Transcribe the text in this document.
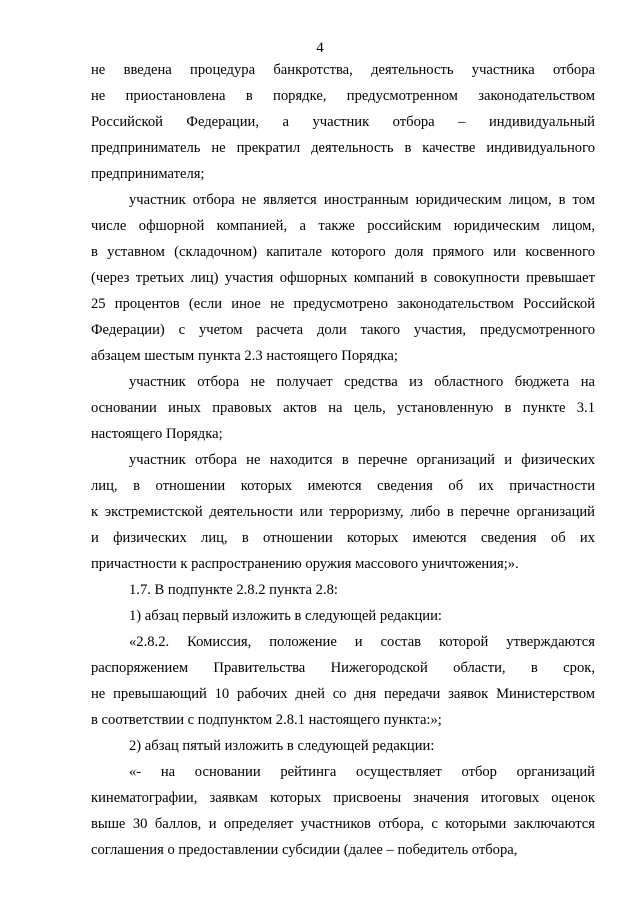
4
не введена процедура банкротства, деятельность участника отбора
не приостановлена в порядке, предусмотренном законодательством
Российской Федерации, а участник отбора – индивидуальный
предприниматель не прекратил деятельность в качестве индивидуального
предпринимателя;
участник отбора не является иностранным юридическим лицом, в том
числе офшорной компанией, а также российским юридическим лицом,
в уставном (складочном) капитале которого доля прямого или косвенного
(через третьих лиц) участия офшорных компаний в совокупности превышает
25 процентов (если иное не предусмотрено законодательством Российской
Федерации) с учетом расчета доли такого участия, предусмотренного
абзацем шестым пункта 2.3 настоящего Порядка;
участник отбора не получает средства из областного бюджета на
основании иных правовых актов на цель, установленную в пункте 3.1
настоящего Порядка;
участник отбора не находится в перечне организаций и физических
лиц, в отношении которых имеются сведения об их причастности
к экстремистской деятельности или терроризму, либо в перечне организаций
и физических лиц, в отношении которых имеются сведения об их
причастности к распространению оружия массового уничтожения;».
1.7. В подпункте 2.8.2 пункта 2.8:
1) абзац первый изложить в следующей редакции:
«2.8.2. Комиссия, положение и состав которой утверждаются
распоряжением Правительства Нижегородской области, в срок,
не превышающий 10 рабочих дней со дня передачи заявок Министерством
в соответствии с подпунктом 2.8.1 настоящего пункта:»;
2) абзац пятый изложить в следующей редакции:
«- на основании рейтинга осуществляет отбор организаций
кинематографии, заявкам которых присвоены значения итоговых оценок
выше 30 баллов, и определяет участников отбора, с которыми заключаются
соглашения о предоставлении субсидии (далее – победитель отбора,
